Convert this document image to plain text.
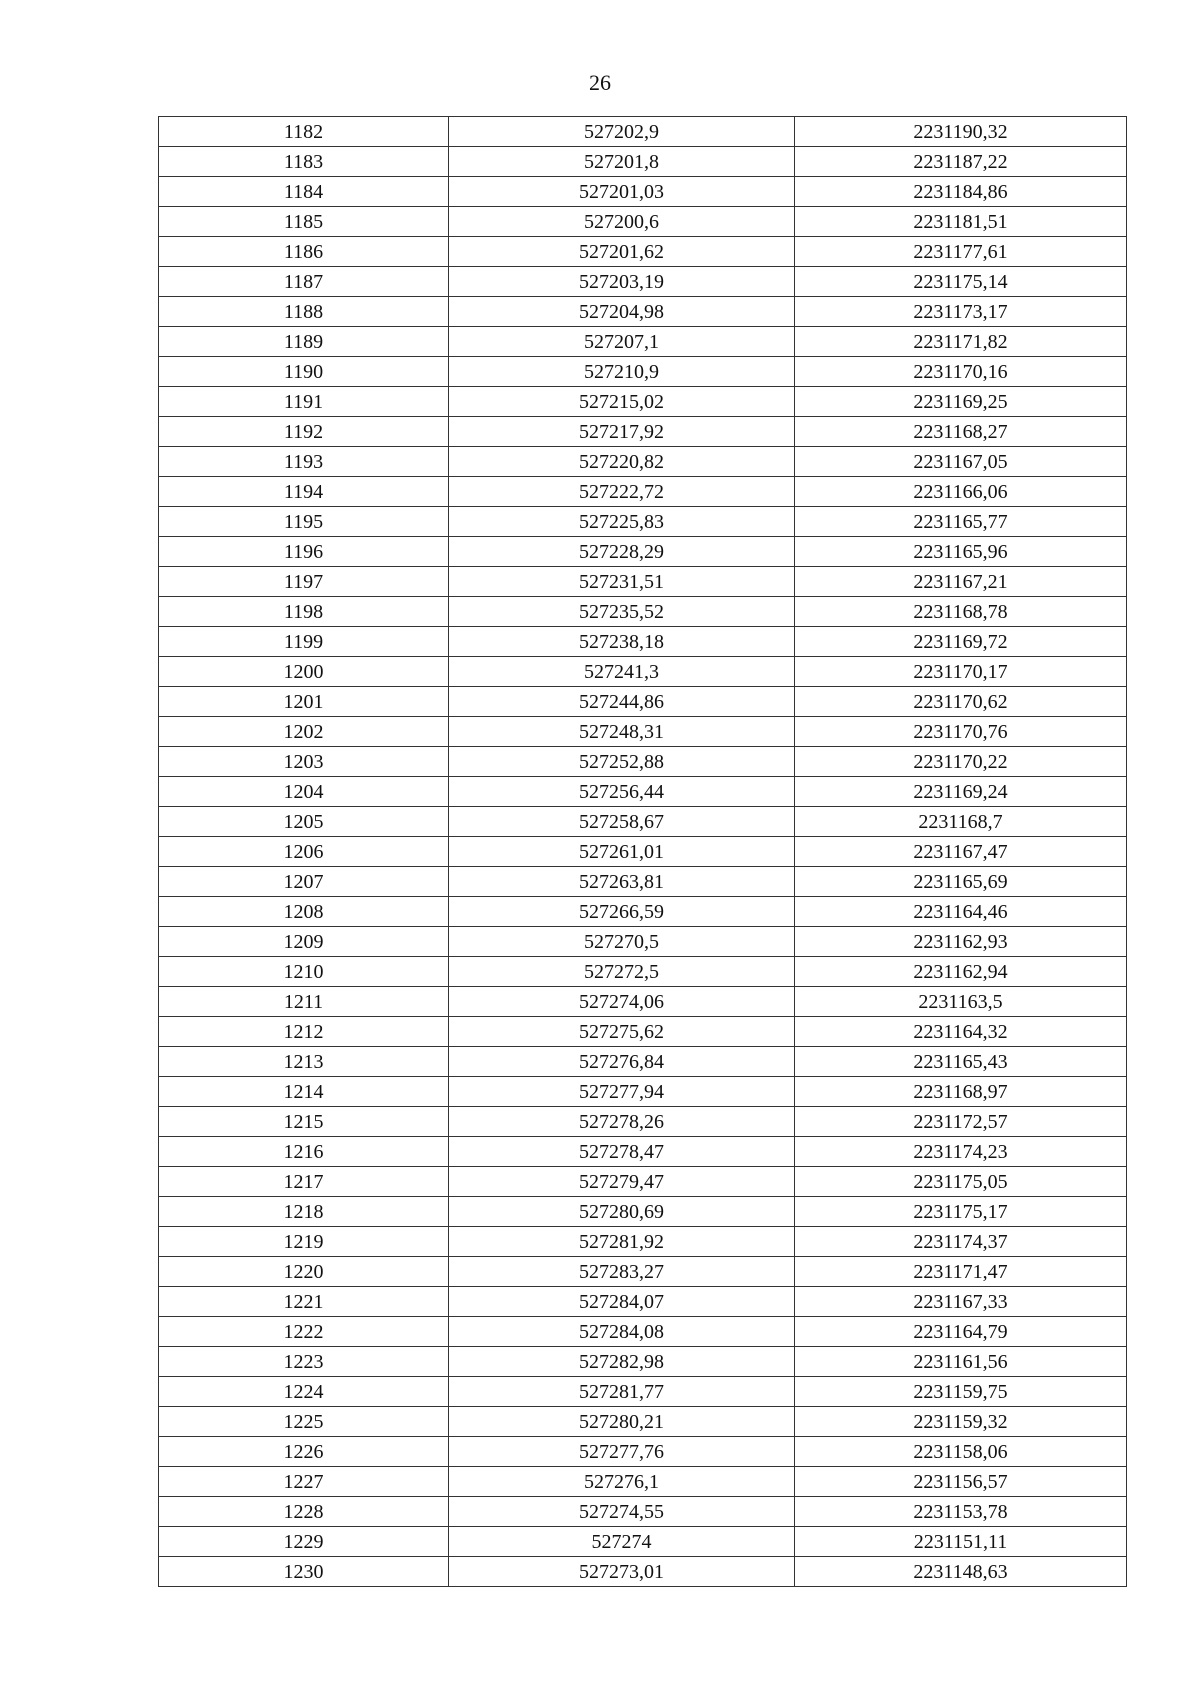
26
1182	527202,9	2231190,32
1183	527201,8	2231187,22
1184	527201,03	2231184,86
1185	527200,6	2231181,51
1186	527201,62	2231177,61
1187	527203,19	2231175,14
1188	527204,98	2231173,17
1189	527207,1	2231171,82
1190	527210,9	2231170,16
1191	527215,02	2231169,25
1192	527217,92	2231168,27
1193	527220,82	2231167,05
1194	527222,72	2231166,06
1195	527225,83	2231165,77
1196	527228,29	2231165,96
1197	527231,51	2231167,21
1198	527235,52	2231168,78
1199	527238,18	2231169,72
1200	527241,3	2231170,17
1201	527244,86	2231170,62
1202	527248,31	2231170,76
1203	527252,88	2231170,22
1204	527256,44	2231169,24
1205	527258,67	2231168,7
1206	527261,01	2231167,47
1207	527263,81	2231165,69
1208	527266,59	2231164,46
1209	527270,5	2231162,93
1210	527272,5	2231162,94
1211	527274,06	2231163,5
1212	527275,62	2231164,32
1213	527276,84	2231165,43
1214	527277,94	2231168,97
1215	527278,26	2231172,57
1216	527278,47	2231174,23
1217	527279,47	2231175,05
1218	527280,69	2231175,17
1219	527281,92	2231174,37
1220	527283,27	2231171,47
1221	527284,07	2231167,33
1222	527284,08	2231164,79
1223	527282,98	2231161,56
1224	527281,77	2231159,75
1225	527280,21	2231159,32
1226	527277,76	2231158,06
1227	527276,1	2231156,57
1228	527274,55	2231153,78
1229	527274	2231151,11
1230	527273,01	2231148,63
